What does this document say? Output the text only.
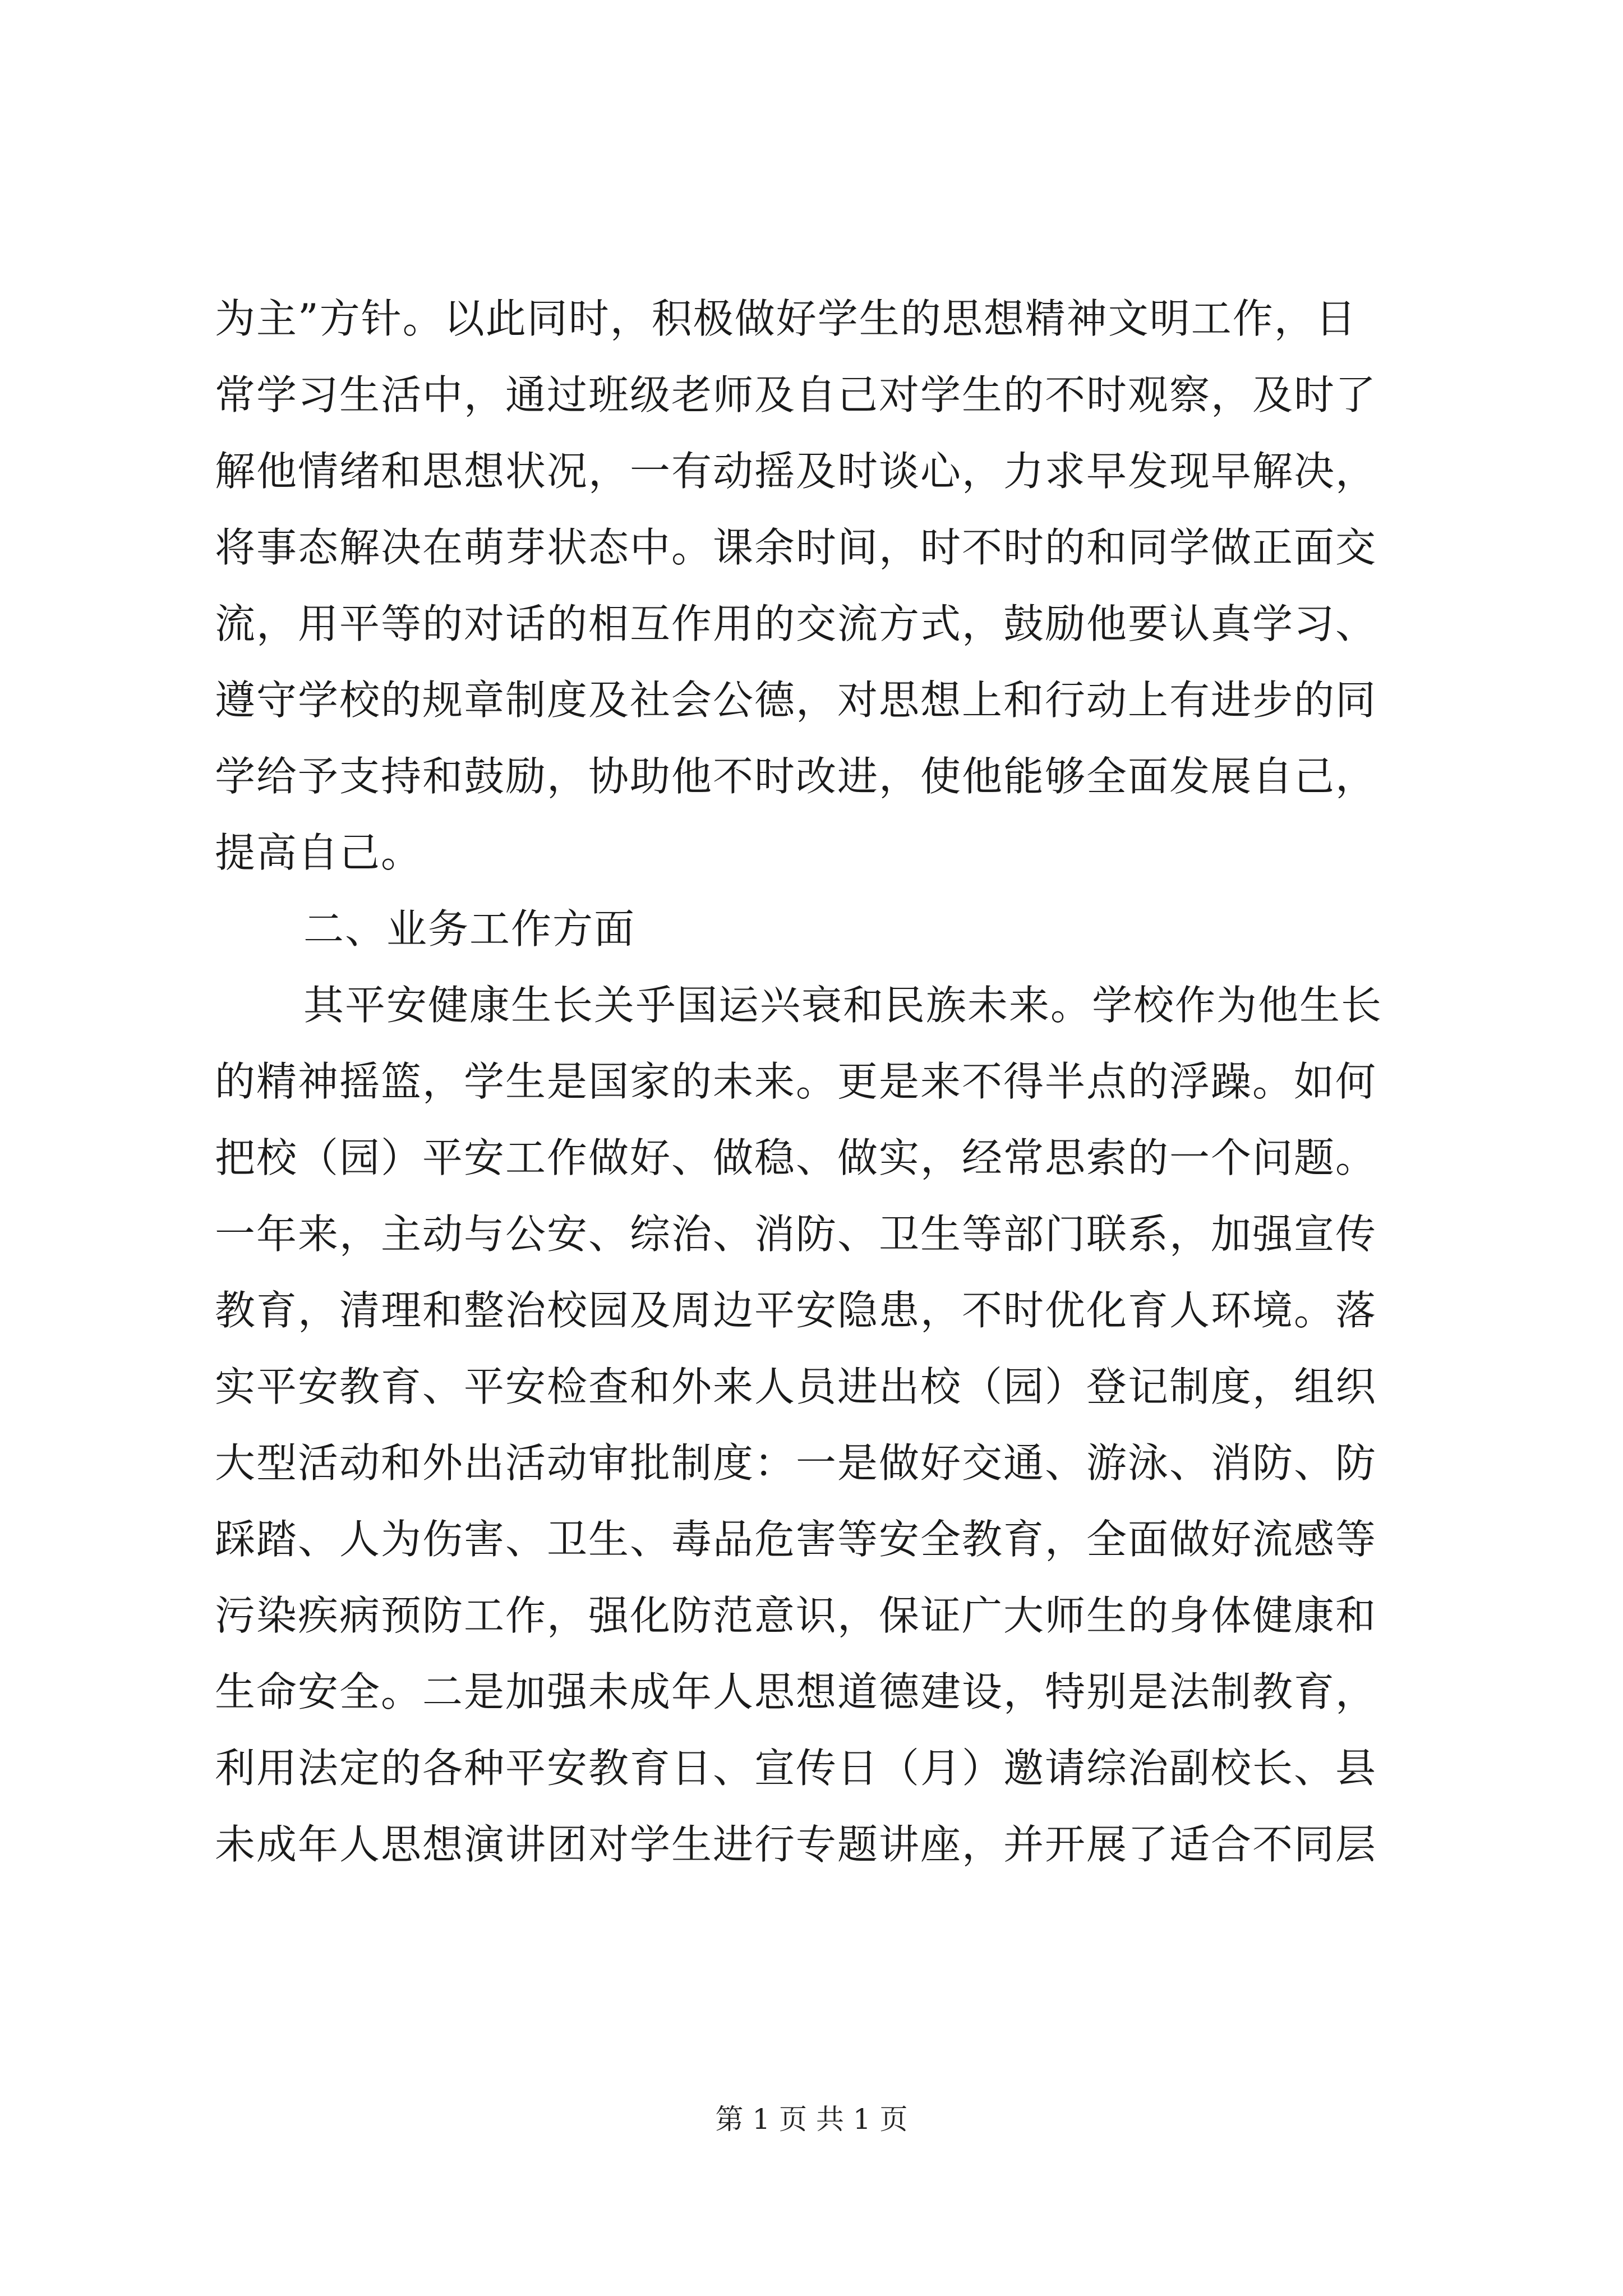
为主”方针。以此同时，积极做好学生的思想精神文明工作，日
常学习生活中，通过班级老师及自己对学生的不时观察，及时了
解他情绪和思想状况，一有动摇及时谈心，力求早发现早解决，
将事态解决在萌芽状态中。课余时间，时不时的和同学做正面交
流，用平等的对话的相互作用的交流方式，鼓励他要认真学习、
遵守学校的规章制度及社会公德，对思想上和行动上有进步的同
学给予支持和鼓励，协助他不时改进，使他能够全面发展自己，
提高自己。
二、业务工作方面
其平安健康生长关乎国运兴衰和民族未来。学校作为他生长
的精神摇篮，学生是国家的未来。更是来不得半点的浮躁。如何
把校（园）平安工作做好、做稳、做实，经常思索的一个问题。
一年来，主动与公安、综治、消防、卫生等部门联系，加强宣传
教育，清理和整治校园及周边平安隐患，不时优化育人环境。落
实平安教育、平安检查和外来人员进出校（园）登记制度，组织
大型活动和外出活动审批制度：一是做好交通、游泳、消防、防
踩踏、人为伤害、卫生、毒品危害等安全教育，全面做好流感等
污染疾病预防工作，强化防范意识，保证广大师生的身体健康和
生命安全。二是加强未成年人思想道德建设，特别是法制教育，
利用法定的各种平安教育日、宣传日（月）邀请综治副校长、县
未成年人思想演讲团对学生进行专题讲座，并开展了适合不同层
第 1 页 共 1 页
